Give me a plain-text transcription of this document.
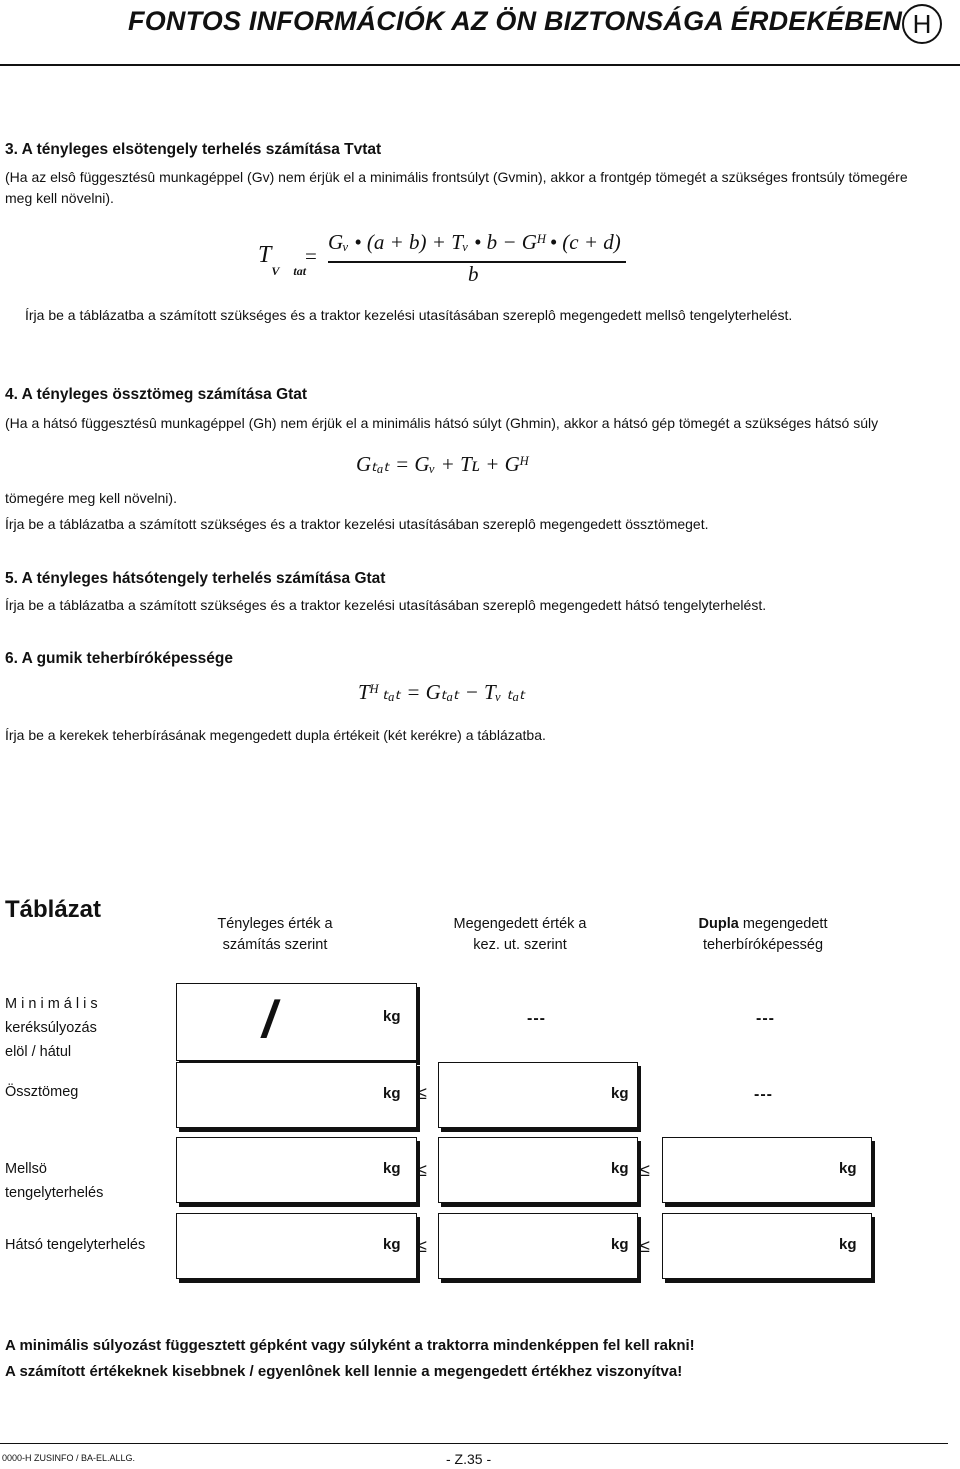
FONTOS INFORMÁCIÓK AZ ÖN BIZTONSÁGA ÉRDEKÉBEN H
3. A tényleges elsötengely terhelés számítása Tvtat
(Ha az elsô függesztésû munkagéppel (Gv) nem érjük el a minimális frontsúlyt (Gvmin), akkor a frontgép tömegét a szükséges frontsúly tömegére
meg kell növelni).
$T_V$ $_{tat}$
=
Gᵥ • (a + b) + Tᵥ • b − Gᴴ • (c + d)
b
Írja be a táblázatba a számított szükséges és a traktor kezelési utasításában szereplô megengedett mellsô tengelyterhelést.
4. A tényleges össztömeg számítása Gtat
(Ha a hátsó függesztésû munkagéppel (Gh) nem érjük el a minimális hátsó súlyt (Ghmin), akkor a hátsó gép tömegét a szükséges hátsó súly
Gₜₐₜ = Gᵥ + Tʟ + Gᴴ
tömegére meg kell növelni).
Írja be a táblázatba a számított szükséges és a traktor kezelési utasításában szereplô megengedett össztömeget.
5. A tényleges hátsótengely terhelés számítása Gtat
Írja be a táblázatba a számított szükséges és a traktor kezelési utasításában szereplô megengedett hátsó tengelyterhelést.
6. A gumik teherbíróképessége
Tᴴ ₜₐₜ = Gₜₐₜ − Tᵥ ₜₐₜ
Írja be a kerekek teherbírásának megengedett dupla értékeit (két kerékre) a táblázatba.
Táblázat
Tényleges érték a
számítás szerint
Megengedett érték a
kez. ut. szerint
Dupla megengedett
teherbíróképesség
M i n i m á l i s
keréksúlyozás
elöl / hátul
/	kg	---	---
Össztömeg	kg ≤	kg	---
Mellsö
tengelyterhelés
kg ≤	kg ≤	kg
Hátsó tengelyterhelés	kg ≤	kg ≤	kg
A minimális súlyozást függesztett gépként vagy súlyként a traktorra mindenképpen fel kell rakni!
A számított értékeknek kisebbnek / egyenlônek kell lennie a megengedett értékhez viszonyítva!
0000-H ZUSINFO / BA-EL.ALLG.	- Z.35 -
